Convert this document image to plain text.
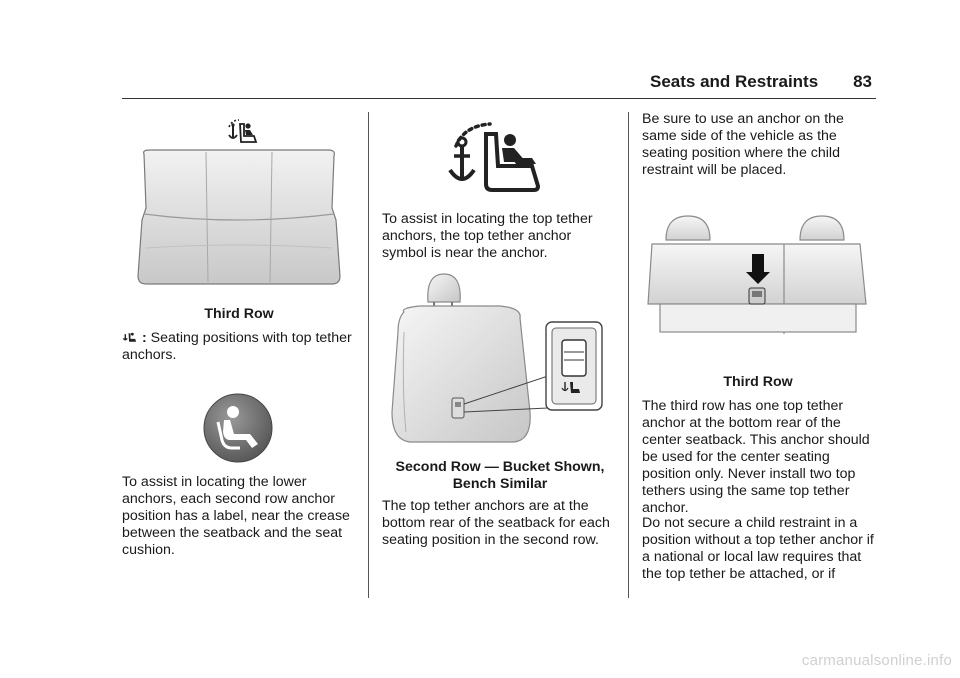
Seats and Restraints 83
Third Row

: Seating positions with top tether anchors.

To assist in locating the lower anchors, each second row anchor position has a label, near the crease between the seatback and the seat cushion.

To assist in locating the top tether anchors, the top tether anchor symbol is near the anchor.

Second Row — Bucket Shown,
Bench Similar

The top tether anchors are at the bottom rear of the seatback for each seating position in the second row.

Be sure to use an anchor on the same side of the vehicle as the seating position where the child restraint will be placed.

Third Row

The third row has one top tether anchor at the bottom rear of the center seatback. This anchor should be used for the center seating position only. Never install two top tethers using the same top tether anchor.

Do not secure a child restraint in a position without a top tether anchor if a national or local law requires that the top tether be attached, or if

carmanualsonline.info
